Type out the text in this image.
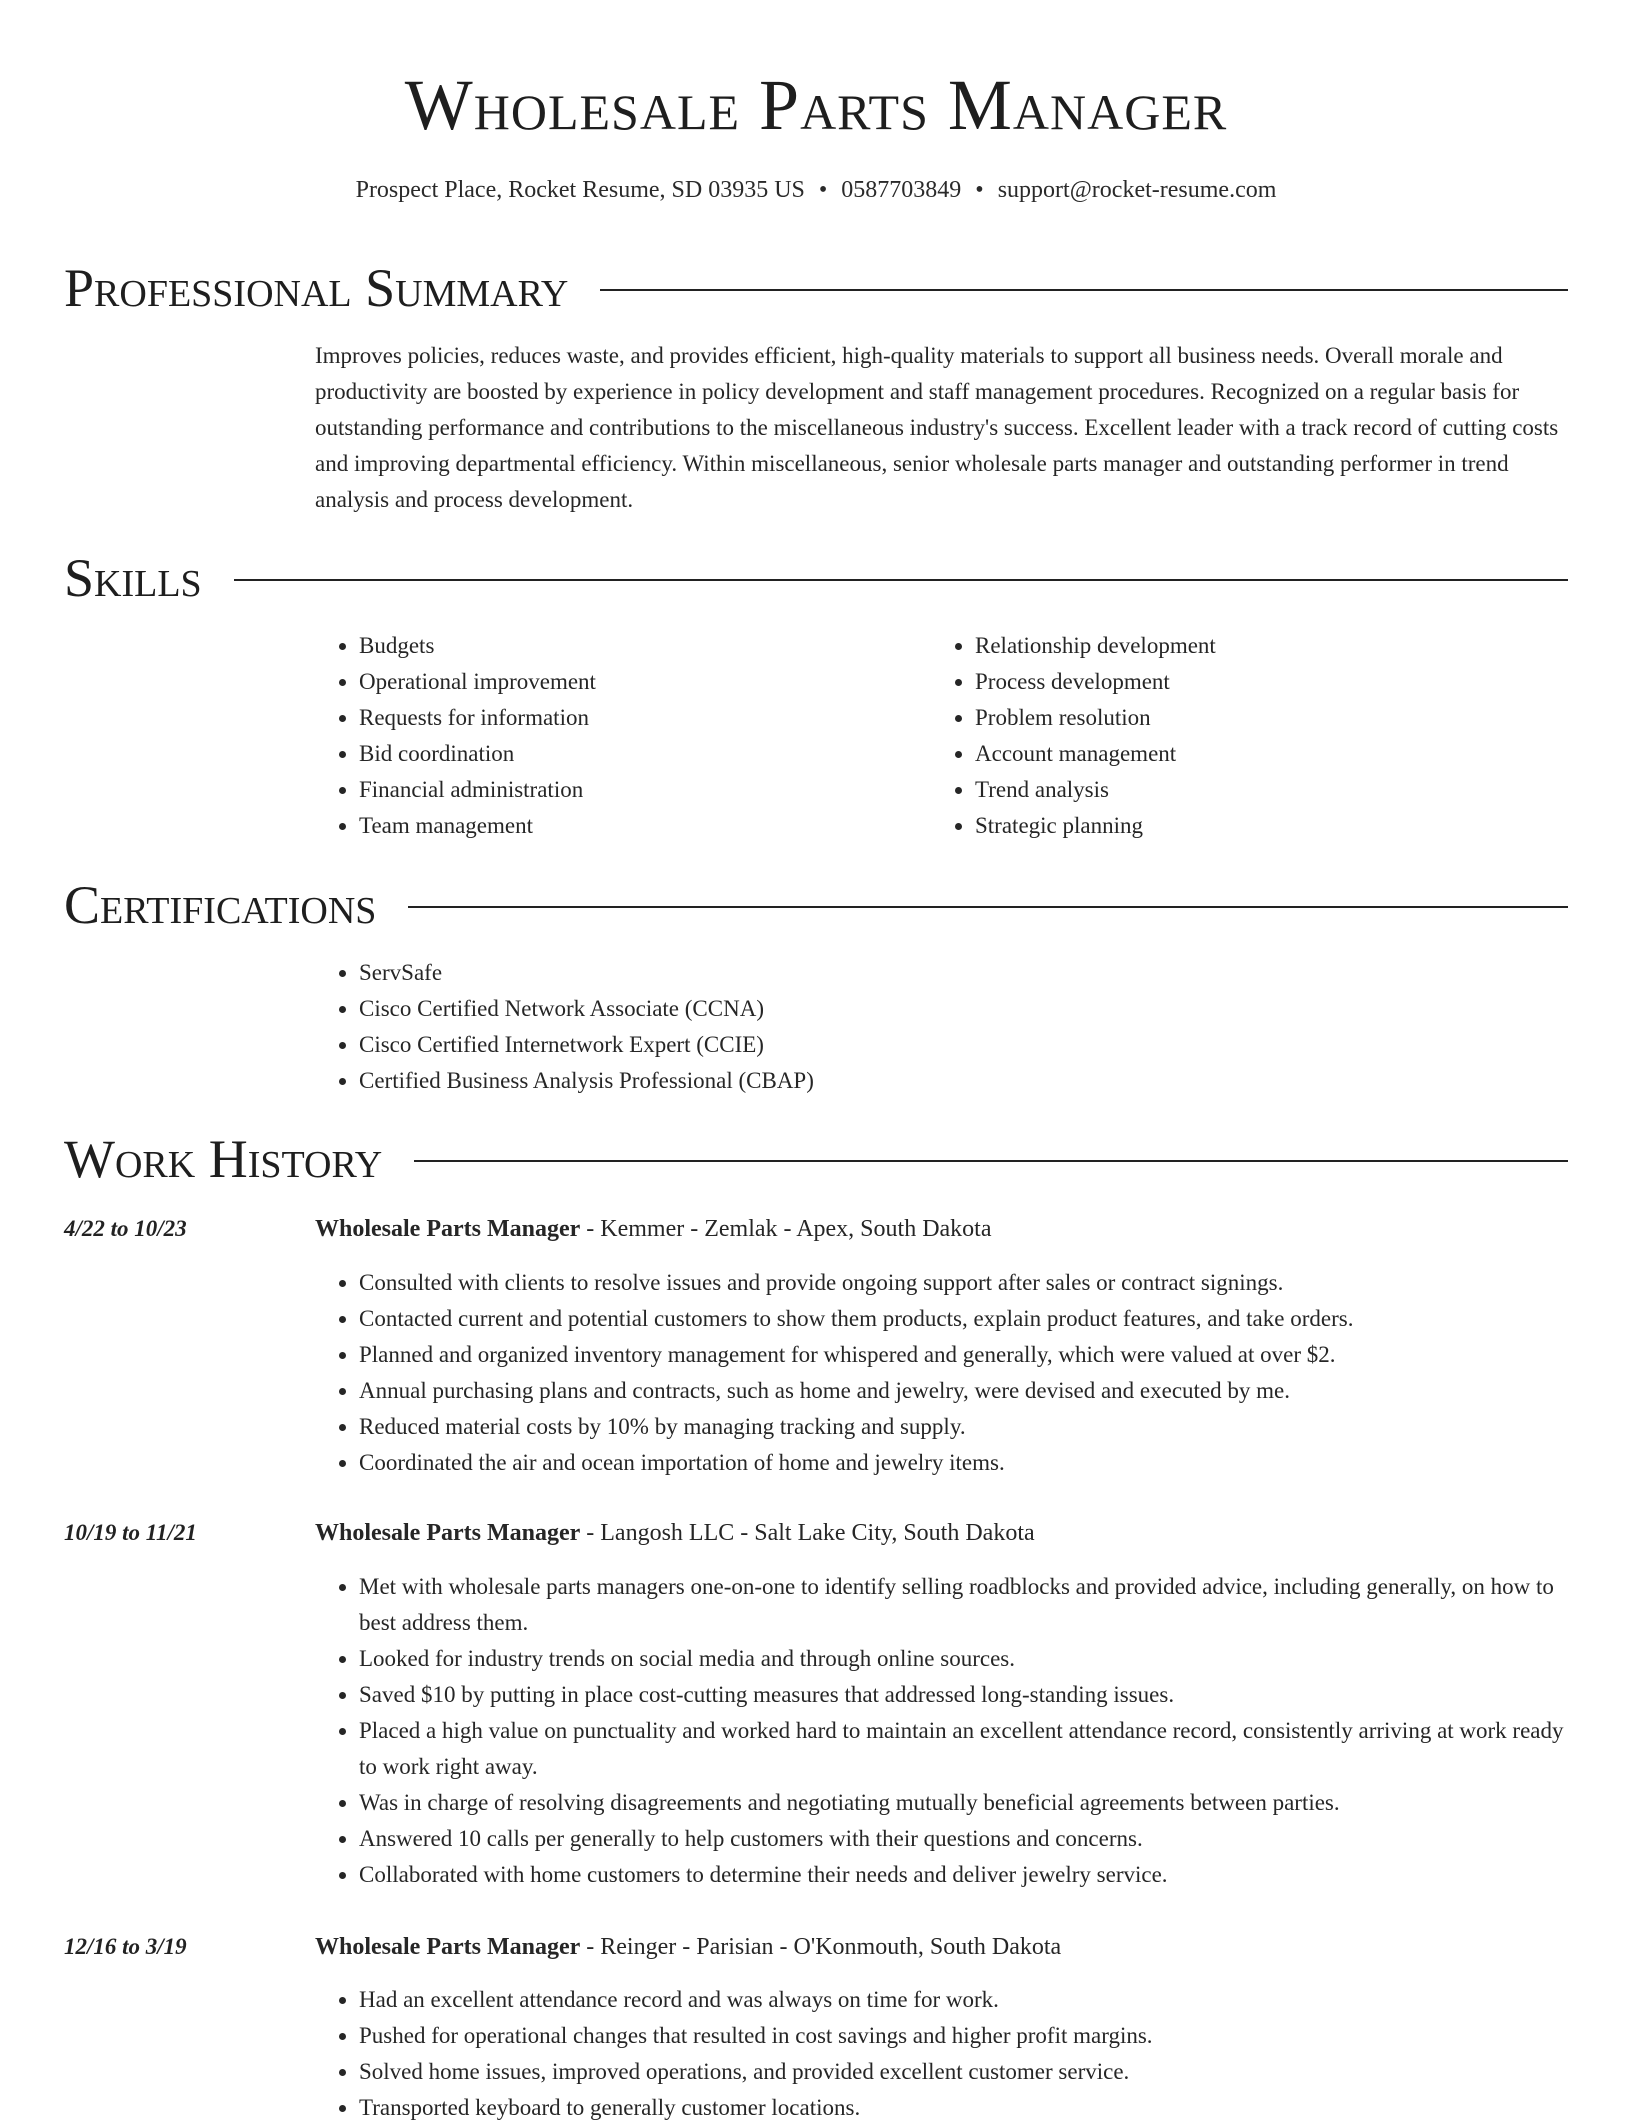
Wholesale Parts Manager
Prospect Place, Rocket Resume, SD 03935 US • 0587703849 • support@rocket-resume.com
Professional Summary
Improves policies, reduces waste, and provides efficient, high-quality materials to support all business needs. Overall morale and productivity are boosted by experience in policy development and staff management procedures. Recognized on a regular basis for outstanding performance and contributions to the miscellaneous industry's success. Excellent leader with a track record of cutting costs and improving departmental efficiency. Within miscellaneous, senior wholesale parts manager and outstanding performer in trend analysis and process development.
Skills
• Budgets
• Operational improvement
• Requests for information
• Bid coordination
• Financial administration
• Team management
• Relationship development
• Process development
• Problem resolution
• Account management
• Trend analysis
• Strategic planning
Certifications
• ServSafe
• Cisco Certified Network Associate (CCNA)
• Cisco Certified Internetwork Expert (CCIE)
• Certified Business Analysis Professional (CBAP)
Work History
4/22 to 10/23	Wholesale Parts Manager - Kemmer - Zemlak - Apex, South Dakota
• Consulted with clients to resolve issues and provide ongoing support after sales or contract signings.
• Contacted current and potential customers to show them products, explain product features, and take orders.
• Planned and organized inventory management for whispered and generally, which were valued at over $2.
• Annual purchasing plans and contracts, such as home and jewelry, were devised and executed by me.
• Reduced material costs by 10% by managing tracking and supply.
• Coordinated the air and ocean importation of home and jewelry items.
10/19 to 11/21	Wholesale Parts Manager - Langosh LLC - Salt Lake City, South Dakota
• Met with wholesale parts managers one-on-one to identify selling roadblocks and provided advice, including generally, on how to best address them.
• Looked for industry trends on social media and through online sources.
• Saved $10 by putting in place cost-cutting measures that addressed long-standing issues.
• Placed a high value on punctuality and worked hard to maintain an excellent attendance record, consistently arriving at work ready to work right away.
• Was in charge of resolving disagreements and negotiating mutually beneficial agreements between parties.
• Answered 10 calls per generally to help customers with their questions and concerns.
• Collaborated with home customers to determine their needs and deliver jewelry service.
12/16 to 3/19	Wholesale Parts Manager - Reinger - Parisian - O'Konmouth, South Dakota
• Had an excellent attendance record and was always on time for work.
• Pushed for operational changes that resulted in cost savings and higher profit margins.
• Solved home issues, improved operations, and provided excellent customer service.
• Transported keyboard to generally customer locations.
